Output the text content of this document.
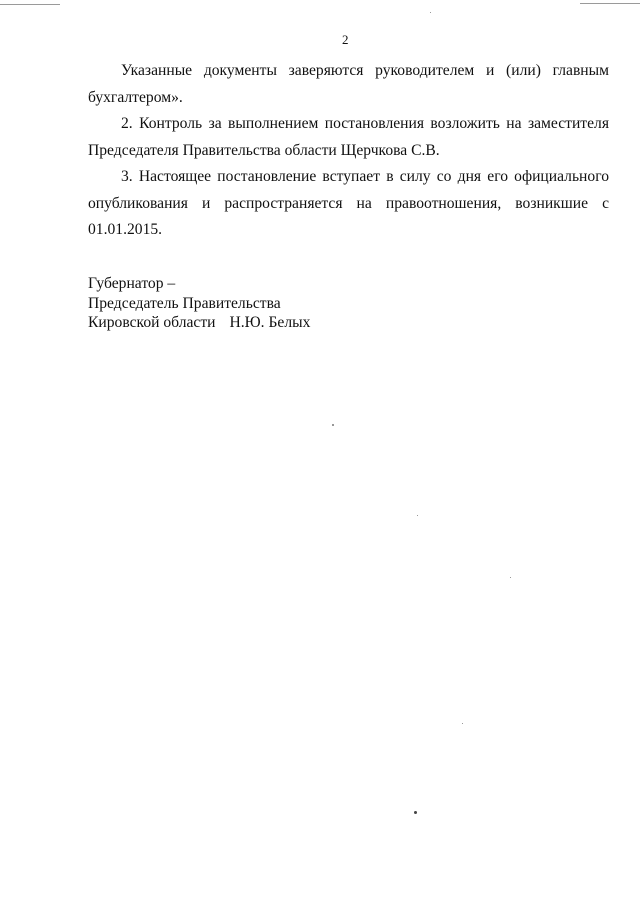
2

Указанные документы заверяются руководителем и (или) главным бухгалтером».

2. Контроль за выполнением постановления возложить на заместителя Председателя Правительства области Щерчкова С.В.

3. Настоящее постановление вступает в силу со дня его официального опубликования и распространяется на правоотношения, возникшие с 01.01.2015.

Губернатор –
Председатель Правительства
Кировской области Н.Ю. Белых
